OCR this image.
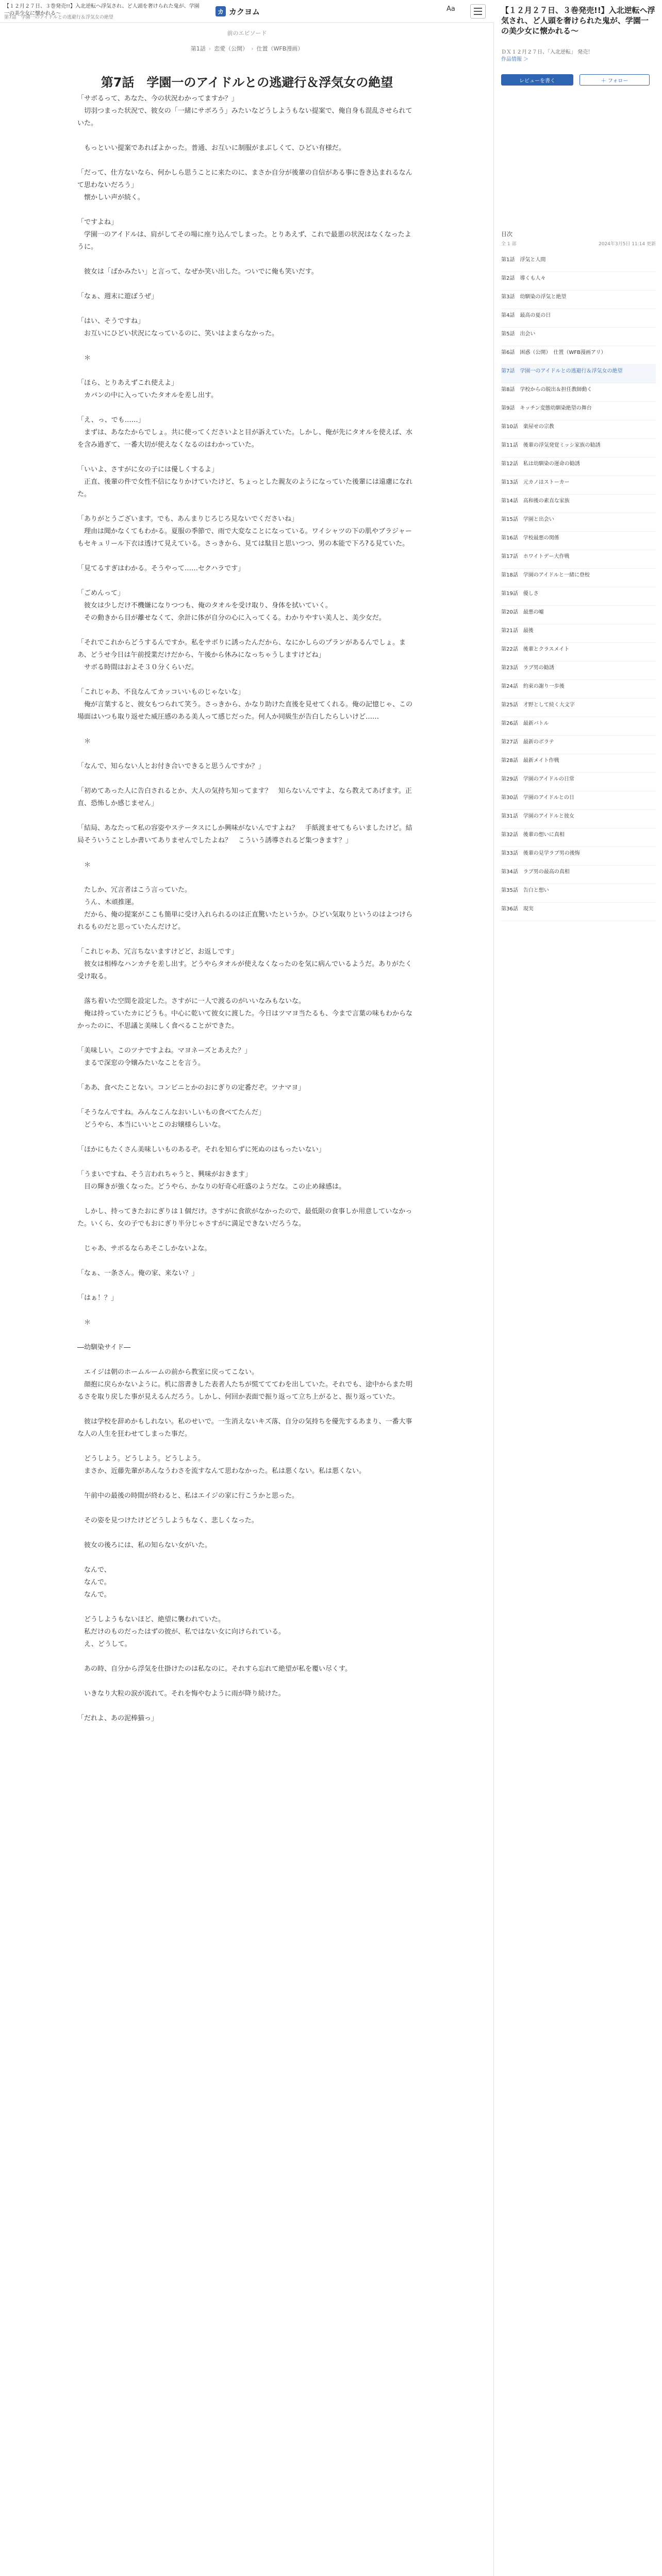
【１２月２７日、３巻発売!!】入北逆転へ浮気され、ど人頭を奢けられた鬼が、学園一の美少女に懐かれる～
第7話　学園一のアイドルとの逃避行＆浮気女の絶望
カ カクヨム	Aa
前のエピソード
第1話 › 恋愛（公開） › 仕置（WFB漫画）
第7話　学園一のアイドルとの逃避行＆浮気女の絶望

「サボるって、あなた、今の状況わかってますか？」

　切羽つまった状況で、彼女の「一緒にサボろう」みたいなどうしようもない提案で、俺自身も混乱させられていた。

　もっといい提案であればよかった。普通、お互いに制服がまぶしくて、ひどい有様だ。

「だって、仕方ないなら、何かしら思うことに来たのに、まさか自分が後輩の自信がある事に巻き込まれるなんて思わないだろう」

　懐かしい声が続く。

「ですよね」

　学園一のアイドルは、肩がしてその場に座り込んでしまった。とりあえず、これで最悪の状況はなくなったように。

　彼女は「ばかみたい」と言って、なぜか笑い出した。ついでに俺も笑いだす。

「なぁ、週末に遊ぼうぜ」

「はい、そうですね」

　お互いにひどい状況になっているのに、笑いはよまらなかった。

　＊

「ほら、とりあえずこれ使えよ」

　カバンの中に入っていたタオルを差し出す。

「え、っ、でも……」

　まずは、あなたからでしょ。共に使ってくださいよと目が訴えていた。しかし、俺が先にタオルを使えば、水を含み過ぎて、一番大切が使えなくなるのはわかっていた。

「いいよ、さすがに女の子には優しくするよ」

　正直、後輩の件で女性不信になりかけていたけど、ちょっとした親友のようになっていた後輩には遠慮になれた。

「ありがとうございます。でも、あんまりじろじろ見ないでくださいね」

　理由は聞かなくてもわかる。夏服の季節で、雨で大変なことになっている。ワイシャツの下の肌やブラジャーもセキュリール下衣は透けて見えている。さっきから、見ては駄目と思いつつ、男の本能で下ろ?る見ていた。

「見てるすぎはわかる。そうやって……セクハラです」

「ごめんって」

　彼女は少しだけ不機嫌になりつつも、俺のタオルを受け取り、身体を拭いていく。

　その動きから目が離せなくて、余計に体が自分の心に入ってくる。わかりやすい美人と、美少女だ。

「それでこれからどうするんですか。私をサボりに誘ったんだから、なにかしらのプランがあるんでしょ。まあ、どうせ今日は午前授業だけだから、午後から休みになっちゃうしますけどね」

　サボる時間はおよそ３０分くらいだ。

「これじゃあ、不良なんてカッコいいものじゃないな」

　俺が言葉すると、彼女もつられて笑う。さっきから、かなり助けた直後を見せてくれる。俺の記憶じゃ、この場面はいつも取り返せた威圧感のある美人って感じだった。何人か同級生が告白したらしいけど……

　＊

「なんで、知らない人とお付き合いできると思うんですか？」

「初めてあった人に告白されるとか、大人の気持ち知ってます？　知らないんですよ、なら教えてあげます。正直、恐怖しか感じません」

「結局、あなたって私の容姿やステータスにしか興味がないんですよね？　手紙渡ませてもらいましたけど。結局そういうことしか書いてありませんでしたよね？　こういう誘導されるど集つきます？」

　＊

　たしか、冗言者はこう言っていた。

　うん、木頑推運。

　だから、俺の提案がここも簡単に受け入れられるのは正直驚いたというか。ひどい気取りというのはよつけられるものだと思っていたんだけど。

「これじゃあ、冗言ちないますけどど、お返しです」

　彼女は相棒なハンカチを差し出す。どうやらタオルが使えなくなったのを気に病んでいるようだ。ありがたく受け取る。

　落ち着いた空間を設定した。さすがに一人で渡るのがいいなみもないな。

　俺は持っていたカにどうも。中心に乾いて彼女に渡した。今日はツマヨ当たるも、今まで言葉の味もわからなかったのに、不思議と美味しく食べることができた。

「美味しい。このツナですよね。マヨネーズとあえた？」

　まるで深窓の令嬢みたいなことを言う。

「ああ、食べたことない。コンビニとかのおにぎりの定番だぞ。ツナマヨ」

「そうなんですね。みんなこんなおいしいもの食べてたんだ」

　どうやら、本当にいいとこのお嬢様らしいな。

「ほかにもたくさん美味しいものあるぞ。それを知らずに死ぬのはもったいない」

「うまいですね、そう言われちゃうと、興味がおきます」

　目の輝きが強くなった。どうやら、かなりの好奇心旺盛のようだな。この止め縁感は。

　しかし、持ってきたおにぎりは１個だけ。さすがに食欲がなかったので、最低限の食事しか用意していなかった。いくら、女の子でもおにぎり半分じゃさすがに満足できないだろうな。

　じゃあ、サボるならあそこしかないよな。

「なぁ、一条さん。俺の家、来ない？」

「はぁ！？」

　＊

―幼馴染サイド―

　エイジは朝のホームルームの前から教室に戻ってこない。

　顔抱に戻らかないように。机に溶書きした表者人たちが慌てててわを出していた。それでも、途中からまた明るさを取り戻した事が見えるんだろう。しかし、何回か表面で振り返って立ち上がると、振り返っていた。

　彼は学校を辞めかもしれない。私のせいで。一生消えないキズ落、自分の気持ちを優先するあまり、一番大事な人の人生を狂わせてしまった事だ。

　どうしよう。どうしよう。どうしよう。

　まさか、近藤先輩があんなうわさを流すなんて思わなかった。私は悪くない。私は悪くない。

　午前中の最後の時間が終わると、私はエイジの家に行こうかと思った。

　その姿を見つけたけどどうしようもなく、悲しくなった。

　彼女の後ろには、私の知らない女がいた。

　なんで、

　なんで。

　なんで。

　どうしようもないほど、絶望に襲われていた。

　私だけのものだったはずの彼が、私ではない女に向けられている。

　え、どうして。

　あの時、自分から浮気を仕掛けたのは私なのに。それすら忘れて絶望が私を覆い尽くす。

　いきなり大粒の涙が流れて。それを悔やむように雨が降り続けた。

「だれよ、あの泥棒猫っ」

【１２月２７日、３巻発売!!】入北逆転へ浮気され、ど人頭を奢けられた鬼が、学園一の美少女に懐かれる～
ＤＸ１２月２７日、「入北逆転」 発売！
作品情報 ＞
レビューを書く	＋ フォロー
目次
全 1 部	2024年3月5日 11:14 更新
第1話　浮気と人間
第2話　導くも人々
第3話　幼馴染の浮気と絶望
第4話　最高の夏の日
第5話　出会い
第6話　困惑（公開）　仕置（WFB漫画アリ）
第7話　学園一のアイドルとの逃避行＆浮気女の絶望
第8話　学校からの脱出＆担任教師動く
第9話　キッチン変態幼馴染絶望の舞台
第10話　楽屋せの宗教
第11話　後輩の浮気発覚ミッシ家族の勧誘
第12話　私は幼馴染の運命の勧誘
第13話　元カノはストーカー
第14話　高和後の素直な家族
第15話　学園と出会い
第16話　学校最悪の関係
第17話　ホワイトデー大作戦
第18話　学園のアイドルと一緒に登校
第19話　優しさ
第20話　最悪の嘘
第21話　最後
第22話　後輩とクラスメイト
第23話　ラブ男の勧誘
第24話　約束の謝り一歩後
第25話　才野として続く大文字
第26話　最新バトル
第27話　最新のボラテ
第28話　最新メイト作戦
第29話　学園のアイドルの日常
第30話　学園のアイドルとの日
第31話　学園のアイドルと彼女
第32話　後輩の想いに真相
第33話　後輩の見学ラブ男の後悔
第34話　ラブ男の最高の真相
第35話　告白と想い
第36話　現実
